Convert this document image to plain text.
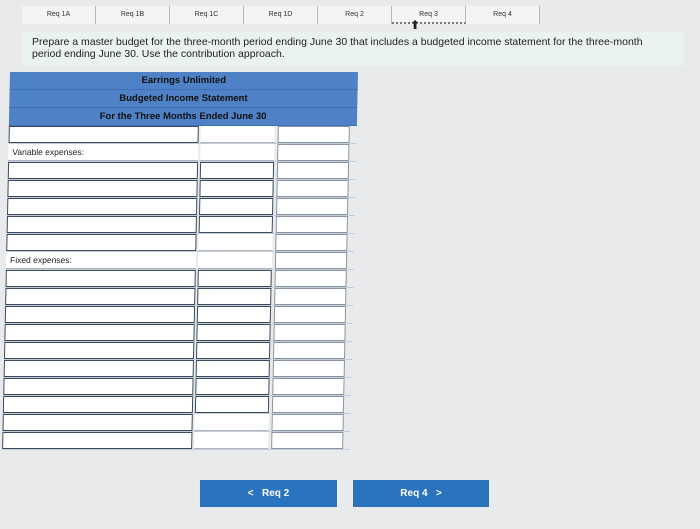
Req 1A	Req 1B	Req 1C	Req 1D	Req 2	Req 3	Req 4
⬆
Prepare a master budget for the three-month period ending June 30 that includes a budgeted income statement for the three-month period ending June 30. Use the contribution approach.
Earrings Unlimited
Budgeted Income Statement
For the Three Months Ended June 30
Variable expenses:
Fixed expenses:
< Req 2	Req 4 >
